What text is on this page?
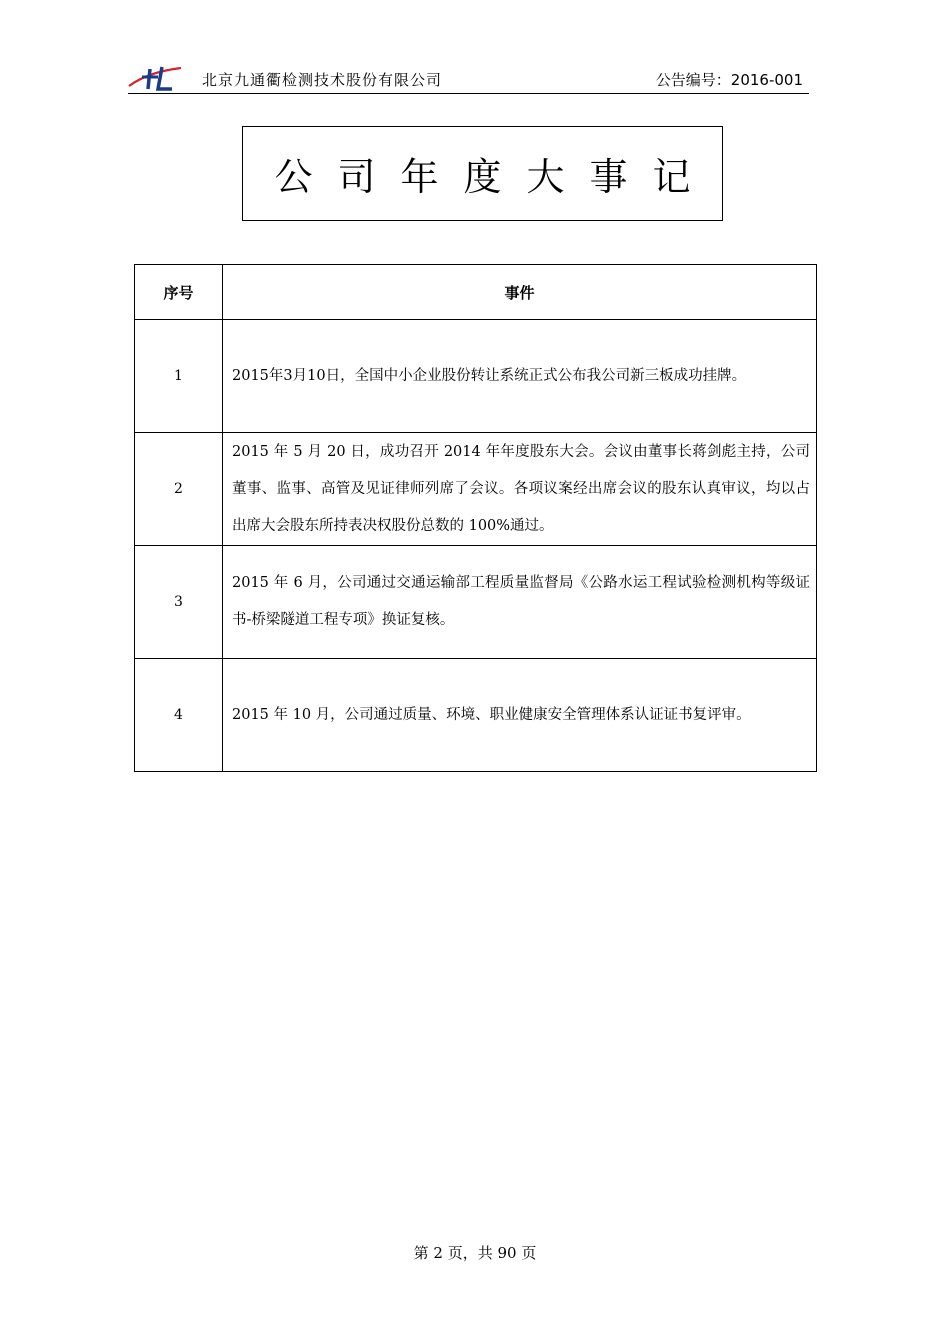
北京九通衢检测技术股份有限公司	公告编号：2016-001
公司年度大事记
序号	事件
1	2015年3月10日，全国中小企业股份转让系统正式公布我公司新三板成功挂牌。
2	2015 年 5 月 20 日，成功召开 2014 年年度股东大会。会议由董事长蒋剑彪主持，公司董事、监事、高管及见证律师列席了会议。各项议案经出席会议的股东认真审议，均以占出席大会股东所持表决权股份总数的 100%通过。
3	2015 年 6 月，公司通过交通运输部工程质量监督局《公路水运工程试验检测机构等级证书-桥梁隧道工程专项》换证复核。
4	2015 年 10 月，公司通过质量、环境、职业健康安全管理体系认证证书复评审。
第 2 页，共 90 页
